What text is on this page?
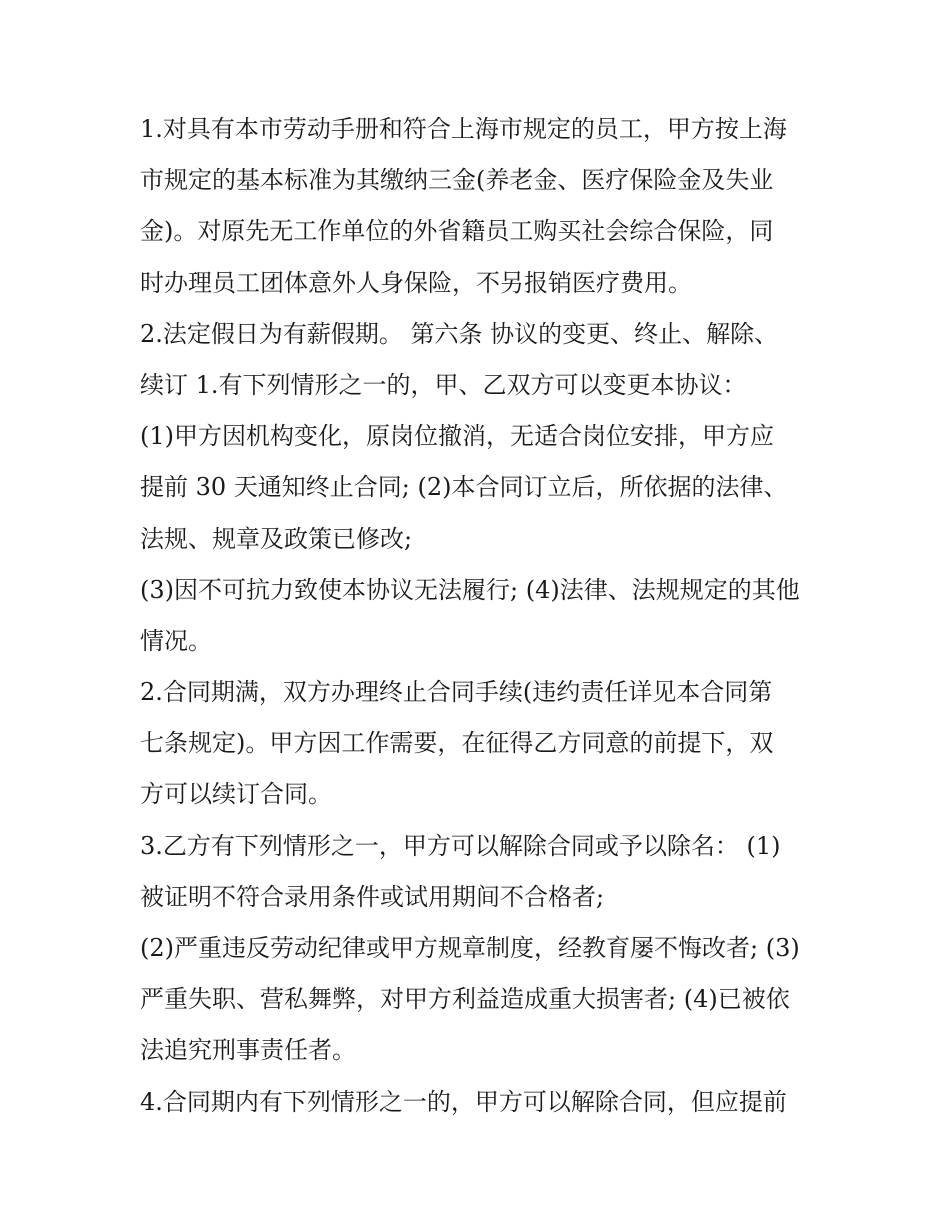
1.对具有本市劳动手册和符合上海市规定的员工，甲方按上海
市规定的基本标准为其缴纳三金(养老金、医疗保险金及失业
金)。对原先无工作单位的外省籍员工购买社会综合保险，同
时办理员工团体意外人身保险，不另报销医疗费用。
2.法定假日为有薪假期。 第六条 协议的变更、终止、解除、
续订 1.有下列情形之一的，甲、乙双方可以变更本协议：
(1)甲方因机构变化，原岗位撤消，无适合岗位安排，甲方应
提前 30 天通知终止合同; (2)本合同订立后，所依据的法律、
法规、规章及政策已修改;
(3)因不可抗力致使本协议无法履行; (4)法律、法规规定的其他
情况。
2.合同期满，双方办理终止合同手续(违约责任详见本合同第
七条规定)。甲方因工作需要，在征得乙方同意的前提下，双
方可以续订合同。
3.乙方有下列情形之一，甲方可以解除合同或予以除名： (1)
被证明不符合录用条件或试用期间不合格者;
(2)严重违反劳动纪律或甲方规章制度，经教育屡不悔改者; (3)
严重失职、营私舞弊，对甲方利益造成重大损害者; (4)已被依
法追究刑事责任者。
4.合同期内有下列情形之一的，甲方可以解除合同，但应提前
